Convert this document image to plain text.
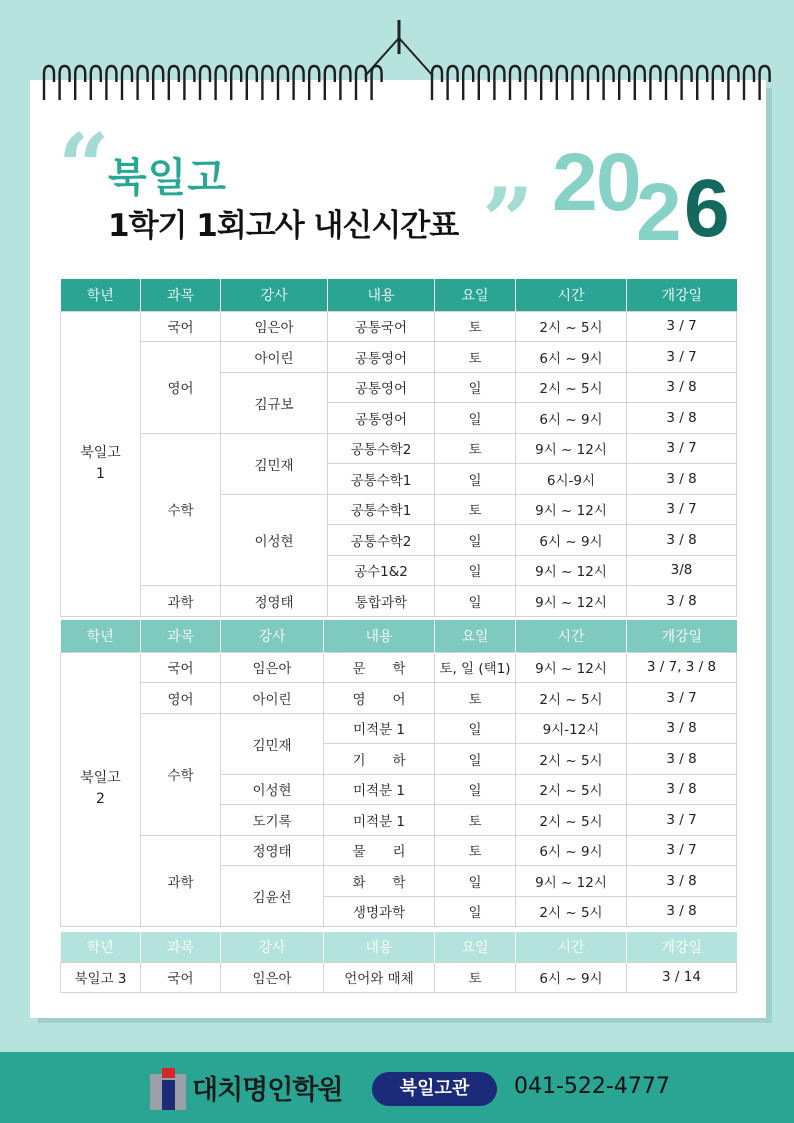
“
북일고
1학기 1회고사 내신시간표 ” 2
0
2 6
학년	과목	강사	내용	요일	시간	개강일
북일고
1	국어	임은아	공통국어	토	2시 ~ 5시	3 / 7
	영어	아이린	공통영어	토	6시 ~ 9시	3 / 7
		김규보	공통영어	일	2시 ~ 5시	3 / 8
			공통영어	일	6시 ~ 9시	3 / 8
	수학	김민재	공통수학2	토	9시 ~ 12시	3 / 7
			공통수학1	일	6시-9시	3 / 8
		이성현	공통수학1	토	9시 ~ 12시	3 / 7
			공통수학2	일	6시 ~ 9시	3 / 8
			공수1&2	일	9시 ~ 12시	3/8
	과학	정영태	통합과학	일	9시 ~ 12시	3 / 8
학년	과목	강사	내용	요일	시간	개강일
북일고
2	국어	임은아	문　　학	토, 일 (택1)	9시 ~ 12시	3 / 7, 3 / 8
	영어	아이린	영　　어	토	2시 ~ 5시	3 / 7
	수학	김민재	미적분 1	일	9시-12시	3 / 8
			기　　하	일	2시 ~ 5시	3 / 8
		이성현	미적분 1	일	2시 ~ 5시	3 / 8
		도기록	미적분 1	토	2시 ~ 5시	3 / 7
	과학	정영태	물　　리	토	6시 ~ 9시	3 / 7
		김윤선	화　　학	일	9시 ~ 12시	3 / 8
			생명과학	일	2시 ~ 5시	3 / 8
학년	과목	강사	내용	요일	시간	개강일
북일고 3	국어	임은아	언어와 매체	토	6시 ~ 9시	3 / 14
대치명인학원	북일고관	041-522-4777
